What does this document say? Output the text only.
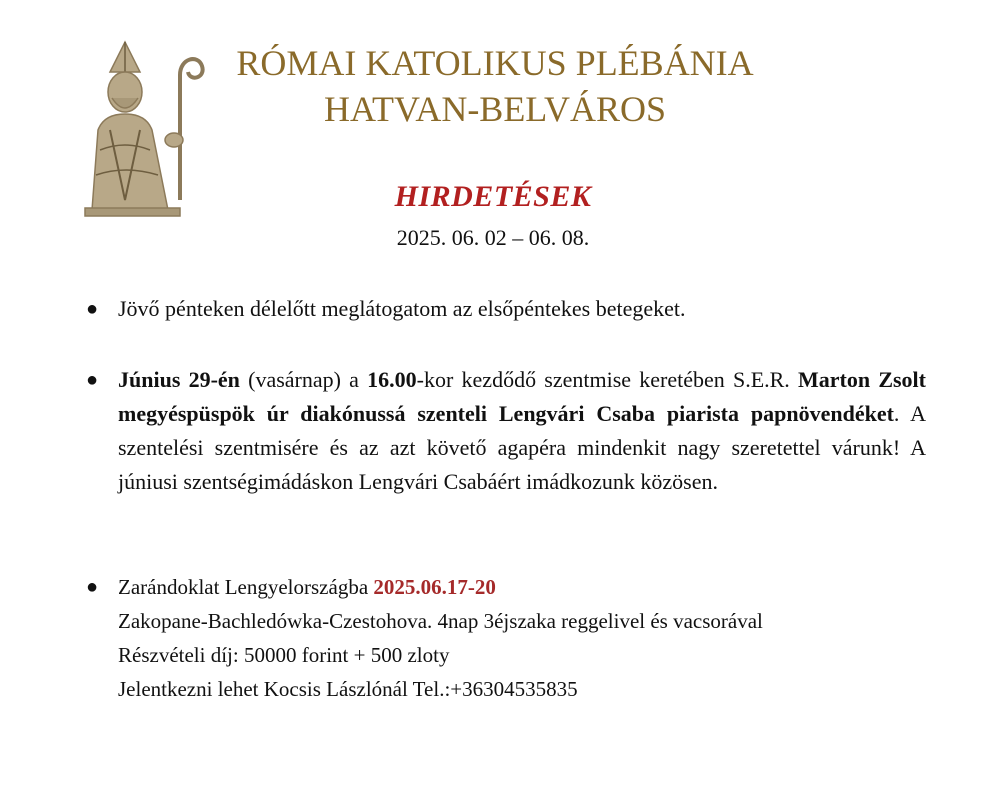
RÓMAI KATOLIKUS PLÉBÁNIA
HATVAN-BELVÁROS
HIRDETÉSEK
2025. 06. 02 – 06. 08.
● Jövő pénteken délelőtt meglátogatom az elsőpéntekes betegeket.
● Június 29-én (vasárnap) a 16.00-kor kezdődő szentmise keretében S.E.R. Marton Zsolt megyéspüspök úr diakónussá szenteli Lengvári Csaba piarista papnövendéket. A szentelési szentmisére és az azt követő agapéra mindenkit nagy szeretettel várunk! A júniusi szentségimádáskon Lengvári Csabáért imádkozunk közösen.
● Zarándoklat Lengyelországba 2025.06.17-20
Zakopane-Bachledówka-Czestohova. 4nap 3éjszaka reggelivel és vacsorával
Részvételi díj: 50000 forint + 500 zloty
Jelentkezni lehet Kocsis Lászlónál Tel.:+36304535835
